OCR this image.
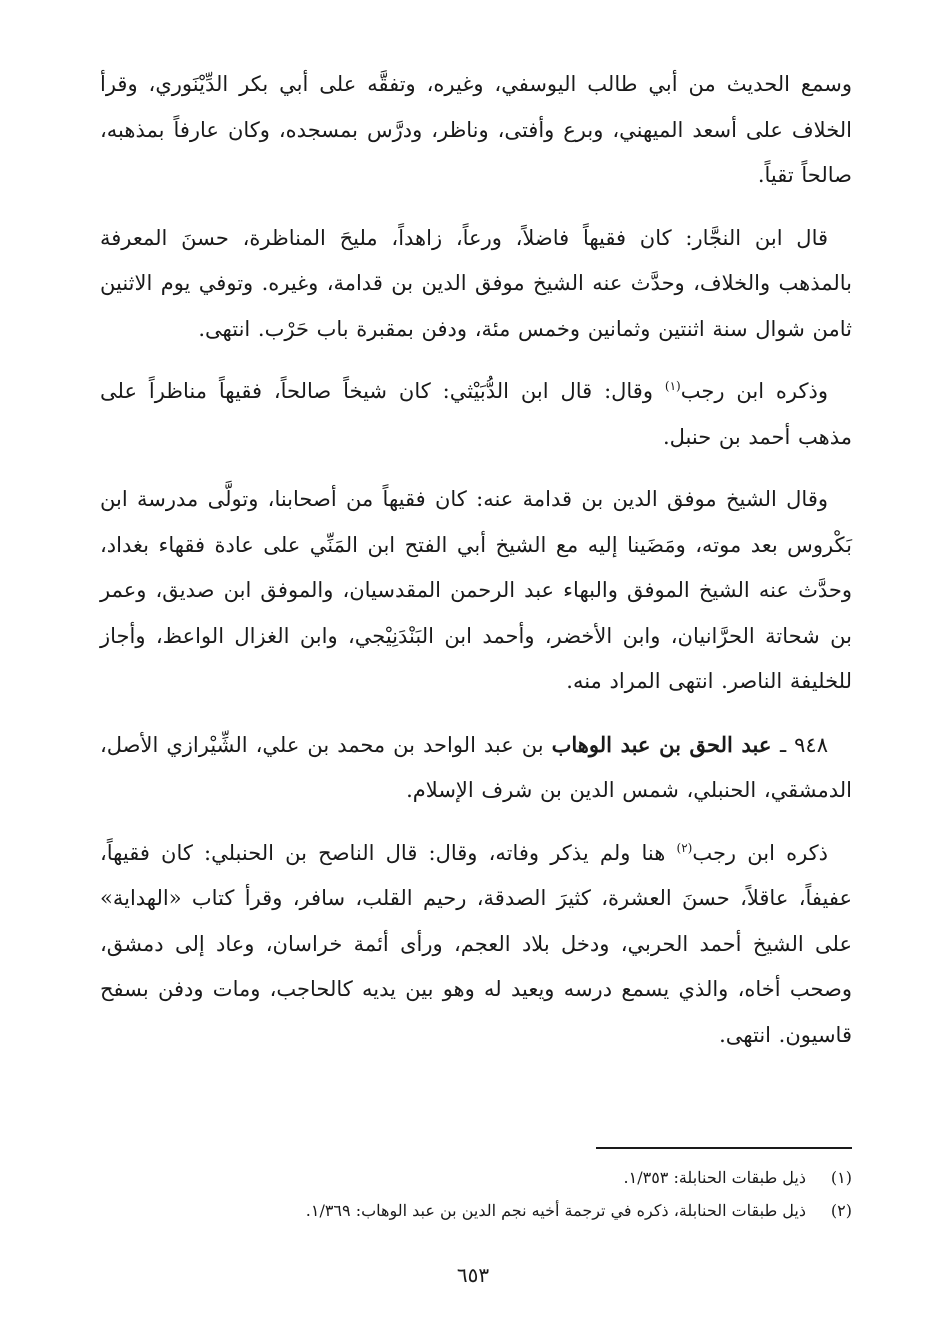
وسمع الحديث من أبي طالب اليوسفي، وغيره، وتفقَّه على أبي بكر الدِّيْنَوري، وقرأ الخلاف على أسعد الميهني، وبرع وأفتى، وناظر، ودرَّس بمسجده، وكان عارفاً بمذهبه، صالحاً تقياً.

قال ابن النجَّار: كان فقيهاً فاضلاً، ورعاً، زاهداً، مليحَ المناظرة، حسنَ المعرفة بالمذهب والخلاف، وحدَّث عنه الشيخ موفق الدين بن قدامة، وغيره. وتوفي يوم الاثنين ثامن شوال سنة اثنتين وثمانين وخمس مئة، ودفن بمقبرة باب حَرْب. انتهى.

وذكره ابن رجب$^{(١)}$ وقال: قال ابن الدُّبَيْثي: كان شيخاً صالحاً، فقيهاً مناظراً على مذهب أحمد بن حنبل.

وقال الشيخ موفق الدين بن قدامة عنه: كان فقيهاً من أصحابنا، وتولَّى مدرسة ابن بَكْروس بعد موته، ومَضَينا إليه مع الشيخ أبي الفتح ابن المَنِّي على عادة فقهاء بغداد، وحدَّث عنه الشيخ الموفق والبهاء عبد الرحمن المقدسيان، والموفق ابن صديق، وعمر بن شحاتة الحرَّانيان، وابن الأخضر، وأحمد ابن البَنْدَنِيْجي، وابن الغزال الواعظ، وأجاز للخليفة الناصر. انتهى المراد منه.

٩٤٨ ـ عبد الحق بن عبد الوهاب بن عبد الواحد بن محمد بن علي، الشِّيْرازي الأصل، الدمشقي، الحنبلي، شمس الدين بن شرف الإسلام.

ذكره ابن رجب$^{(٢)}$ هنا ولم يذكر وفاته، وقال: قال الناصح بن الحنبلي: كان فقيهاً، عفيفاً، عاقلاً، حسنَ العشرة، كثيرَ الصدقة، رحيم القلب، سافر، وقرأ كتاب «الهداية» على الشيخ أحمد الحربي، ودخل بلاد العجم، ورأى أئمة خراسان، وعاد إلى دمشق، وصحب أخاه، والذي يسمع درسه ويعيد له وهو بين يديه كالحاجب، ومات ودفن بسفح قاسيون. انتهى.

(١)ذيل طبقات الحنابلة: ١/٣٥٣.
(٢)ذيل طبقات الحنابلة، ذكره في ترجمة أخيه نجم الدين بن عبد الوهاب: ١/٣٦٩.
٦٥٣
